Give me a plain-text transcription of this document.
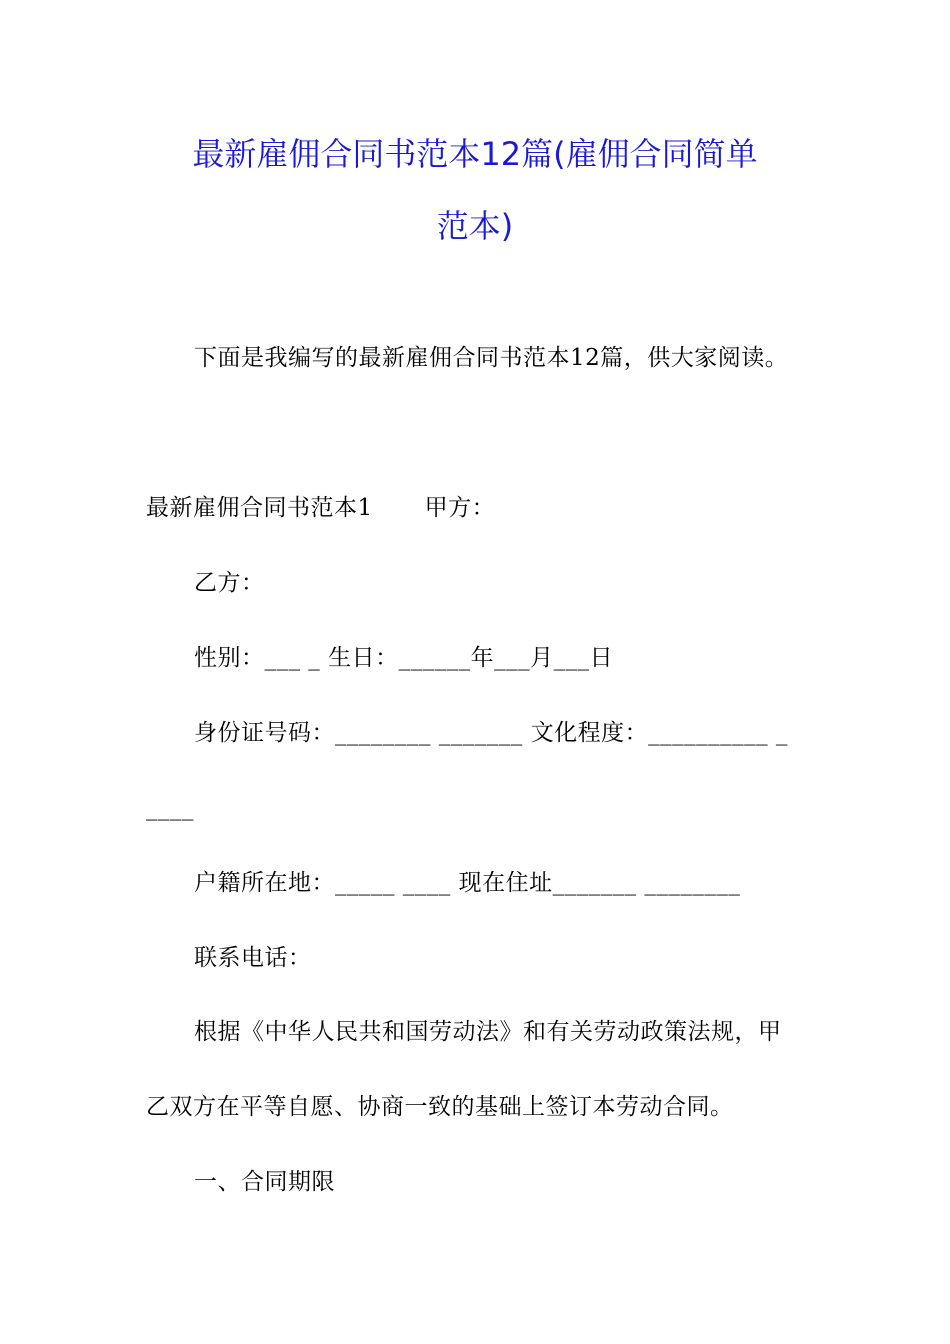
最新雇佣合同书范本12篇(雇佣合同简单
范本)
下面是我编写的最新雇佣合同书范本12篇，供大家阅读。
最新雇佣合同书范本1 甲方：
乙方：
性别：___ _ 生日：______年___月___日
身份证号码：________ _______ 文化程度：__________ _
____
户籍所在地：_____ ____ 现在住址_______ ________
联系电话：
根据《中华人民共和国劳动法》和有关劳动政策法规，甲
乙双方在平等自愿、协商一致的基础上签订本劳动合同。
一、合同期限
